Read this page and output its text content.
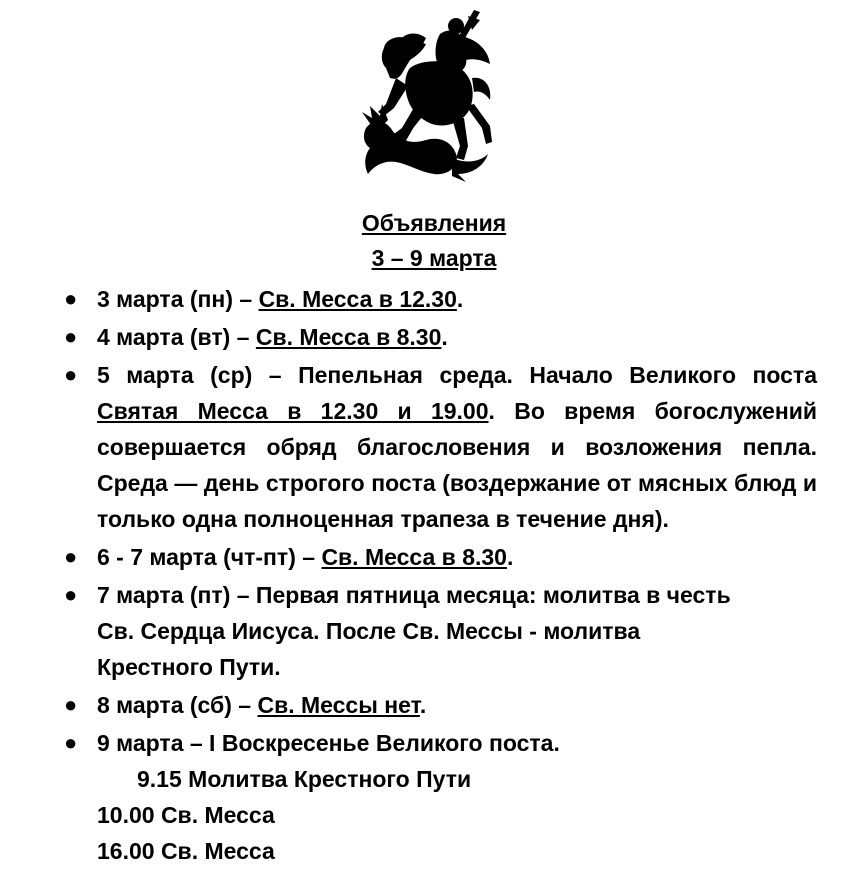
Объявления
3 – 9 марта
● 3 марта (пн) – Св. Месса в 12.30.
● 4 марта (вт) – Св. Месса в 8.30.
● 5 марта (ср) – Пепельная среда. Начало Великого поста Святая Месса в 12.30 и 19.00. Во время богослужений совершается обряд благословения и возложения пепла. Среда — день строгого поста (воздержание от мясных блюд и только одна полноценная трапеза в течение дня).
● 6 - 7 марта (чт-пт) – Св. Месса в 8.30.
● 7 марта (пт) – Первая пятница месяца: молитва в честь Св. Сердца Иисуса. После Св. Мессы - молитва Крестного Пути.
● 8 марта (сб) – Св. Мессы нет.
● 9 марта – I Воскресенье Великого поста.
9.15 Молитва Крестного Пути
10.00 Св. Месса
16.00 Св. Месса
